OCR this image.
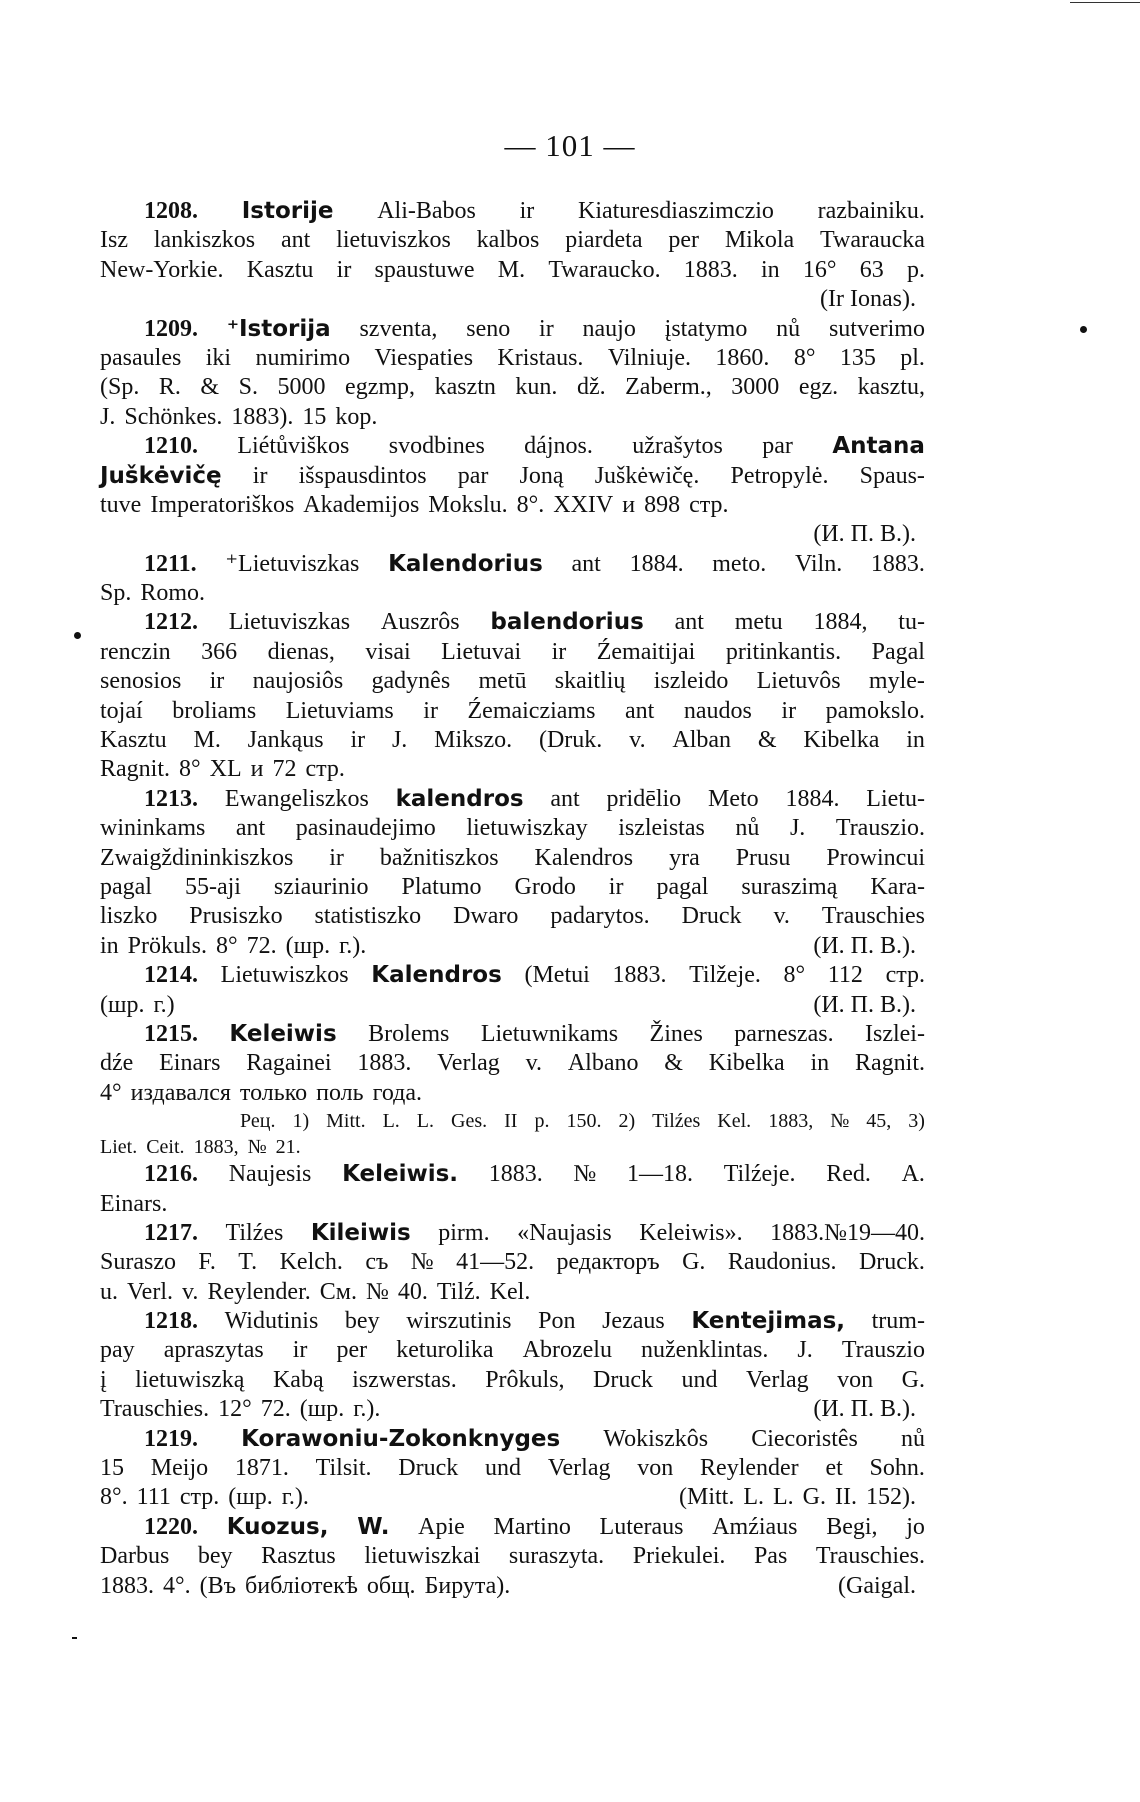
— 101 —
1208. Istorije Ali-Babos ir Kiaturesdiaszimczio razbainiku.
Isz lankiszkos ant lietuviszkos kalbos piardeta per Mikola Twaraucka
New-Yorkie. Kasztu ir spaustuwe M. Twaraucko. 1883. in 16° 63 p.
(Ir Ionas).
1209. ⁺Istorija szventa, seno ir naujo įstatymo nů sutverimo
pasaules iki numirimo Viespaties Kristaus. Vilniuje. 1860. 8° 135 pl.
(Sp. R. & S. 5000 egzmp, kasztn kun. dž. Zaberm., 3000 egz. kasztu,
J. Schönkes. 1883). 15 kop.
1210. Liétůviškos svodbines dájnos. užrašytos par Antana
Juškėvičę ir išspausdintos par Joną Juškėwičę. Petropylė. Spaus-
tuve Imperatoriškos Akademijos Mokslu. 8°. XXIV и 898 стр.
(И. П. В.).
1211. ⁺Lietuviszkas Kalendorius ant 1884. meto. Viln. 1883.
Sp. Romo.
1212. Lietuviszkas Auszrôs balendorius ant metu 1884, tu-
renczin 366 dienas, visai Lietuvai ir Źemaitijai pritinkantis. Pagal
senosios ir naujosiôs gadynês metū skaitlių iszleido Lietuvôs myle-
tojaí broliams Lietuviams ir Źemaicziams ant naudos ir pamokslo.
Kasztu M. Jankąus ir J. Mikszo. (Druk. v. Alban & Kibelka in
Ragnit. 8° XL и 72 стр.
1213. Ewangeliszkos kalendros ant pridēlio Meto 1884. Lietu-
wininkams ant pasinaudejimo lietuwiszkay iszleistas nů J. Trauszio.
Zwaigždininkiszkos ir bažnitiszkos Kalendros yra Prusu Prowincui
pagal 55-aji sziaurinio Platumo Grodo ir pagal suraszimą Kara-
liszko Prusiszko statistiszko Dwaro padarytos. Druck v. Trauschies
in Prökuls. 8° 72. (шр. г.).	(И. П. В.).
1214. Lietuwiszkos Kalendros (Metui 1883. Tilžeje. 8° 112 стр.
(шр. г.)	(И. П. В.).
1215. Keleiwis Brolems Lietuwnikams Žines parneszas. Isz​lei-
dźe Einars Ragainei 1883. Verlag v. Albano & Kibelka in Ragnit.
4° издавался только поль года.
Рец. 1) Mitt. L. L. Ges. II p. 150. 2) Tilźes Kel. 1883, № 45, 3)
Liet. Ceit. 1883, № 21.
1216. Naujesis Keleiwis. 1883. № 1—18. Tilźeje. Red. A.
Einars.
1217. Tilźes Kileiwis pirm. «Naujasis Keleiwis». 1883.№19—40.
Suraszo F. T. Kelch. съ № 41—52. редакторъ G. Raudonius. Druck.
u. Verl. v. Reylender. См. № 40. Tilź. Kel.
1218. Widutinis bey wirszutinis Pon Jezaus Kentejimas, trum-
pay apraszytas ir per keturolika Abrozelu nuženklintas. J. Trauszio
į lietuwiszką Kabą iszwerstas. Prôkuls, Druck und Verlag von G.
Trauschies. 12° 72. (шр. г.).	(И. П. В.).
1219. Korawoniu-Zokonknyges Wokiszkôs Ciecoristês nů
15 Meijo 1871. Tilsit. Druck und Verlag von Reylender et Sohn.
8°. 111 стр. (шр. г.).	(Mitt. L. L. G. II. 152).
1220. Kuozus, W. Apie Martino Luteraus Amźiaus Begi, jo
Darbus bey Rasztus lietuwiszkai suraszyta. Priekulei. Pas Trauschies.
1883. 4°. (Въ библіотекѣ общ. Бирута).	(Gaigal.
